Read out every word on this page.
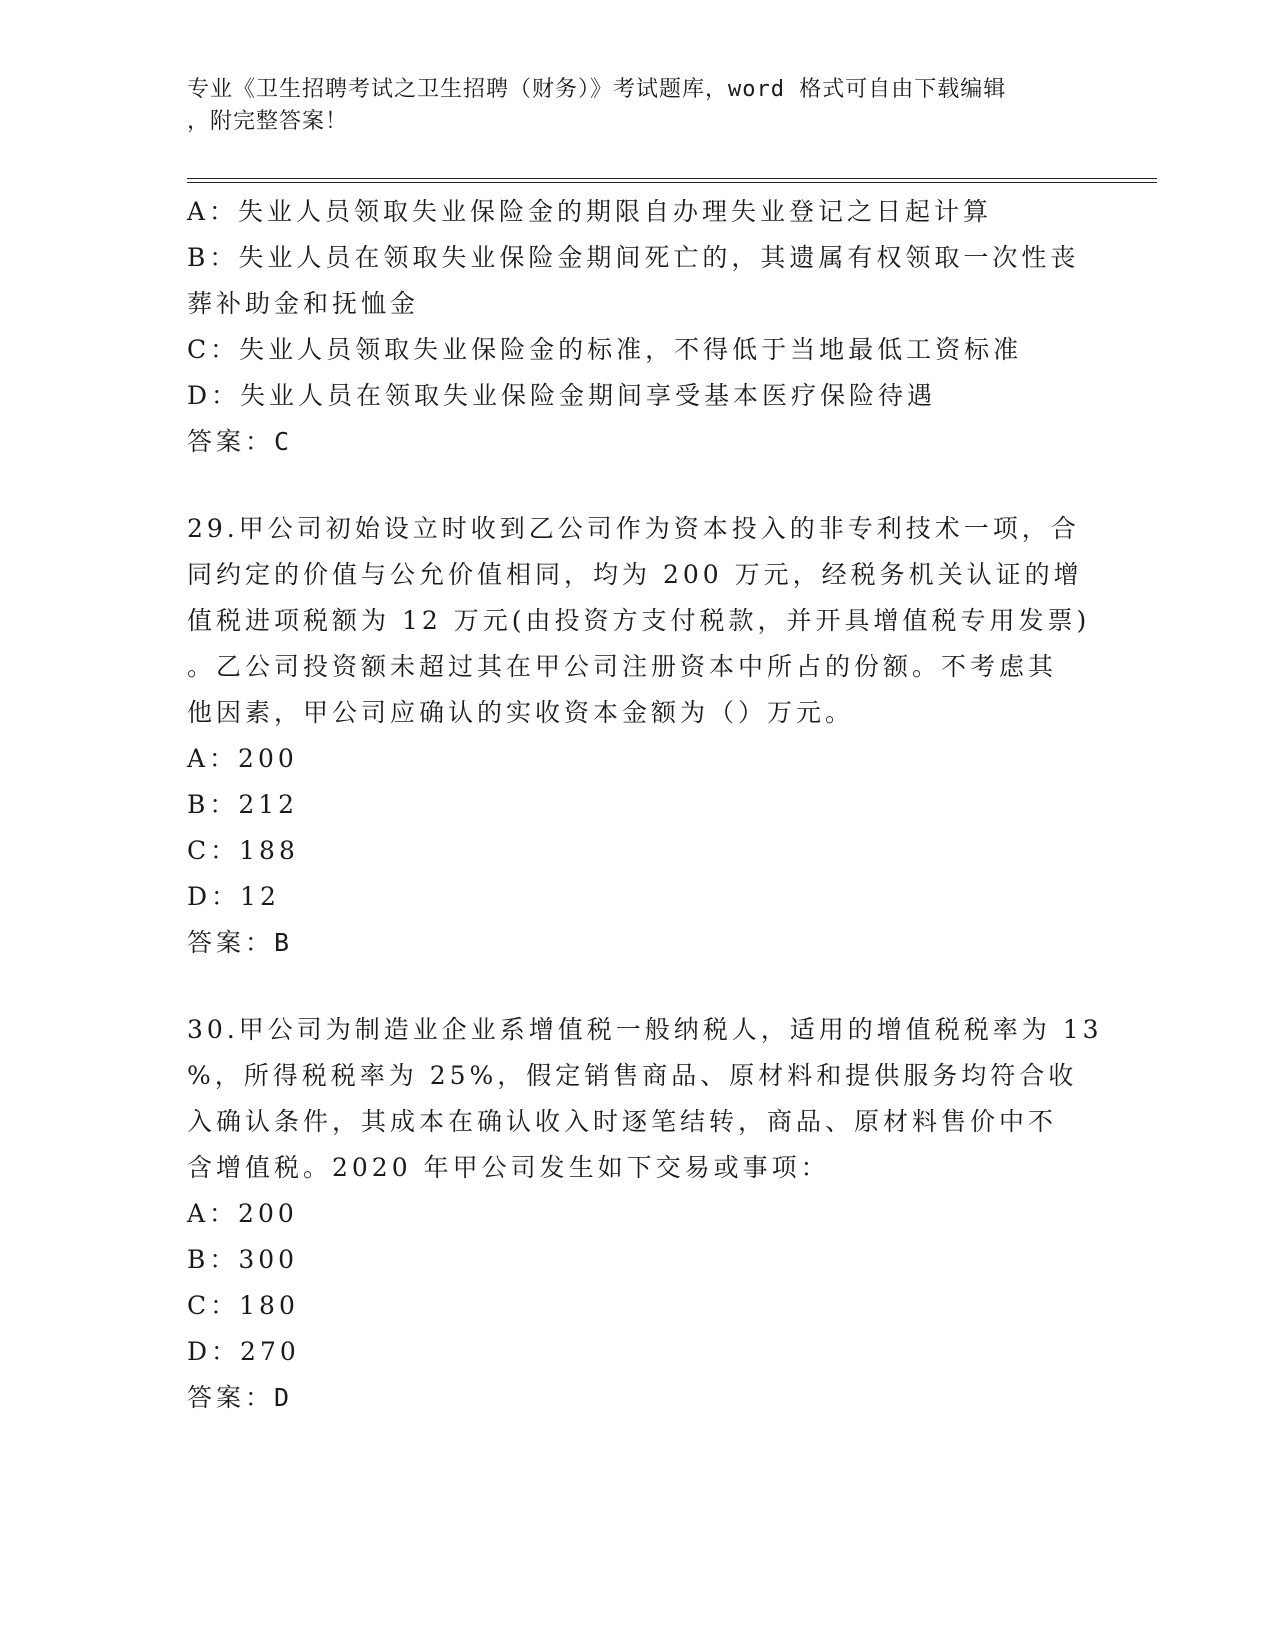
专业《卫生招聘考试之卫生招聘（财务）》考试题库，word 格式可自由下载编辑
，附完整答案！
A：失业人员领取失业保险金的期限自办理失业登记之日起计算
B：失业人员在领取失业保险金期间死亡的，其遗属有权领取一次性丧
葬补助金和抚恤金
C：失业人员领取失业保险金的标准，不得低于当地最低工资标准
D：失业人员在领取失业保险金期间享受基本医疗保险待遇
答案：C
29.甲公司初始设立时收到乙公司作为资本投入的非专利技术一项，合
同约定的价值与公允价值相同，均为 200 万元，经税务机关认证的增
值税进项税额为 12 万元(由投资方支付税款，并开具增值税专用发票)
。乙公司投资额未超过其在甲公司注册资本中所占的份额。不考虑其
他因素，甲公司应确认的实收资本金额为（）万元。
A：200
B：212
C：188
D：12
答案：B
30.甲公司为制造业企业系增值税一般纳税人，适用的增值税税率为 13
%，所得税税率为 25%，假定销售商品、原材料和提供服务均符合收
入确认条件，其成本在确认收入时逐笔结转，商品、原材料售价中不
含增值税。2020 年甲公司发生如下交易或事项：
A：200
B：300
C：180
D：270
答案：D
